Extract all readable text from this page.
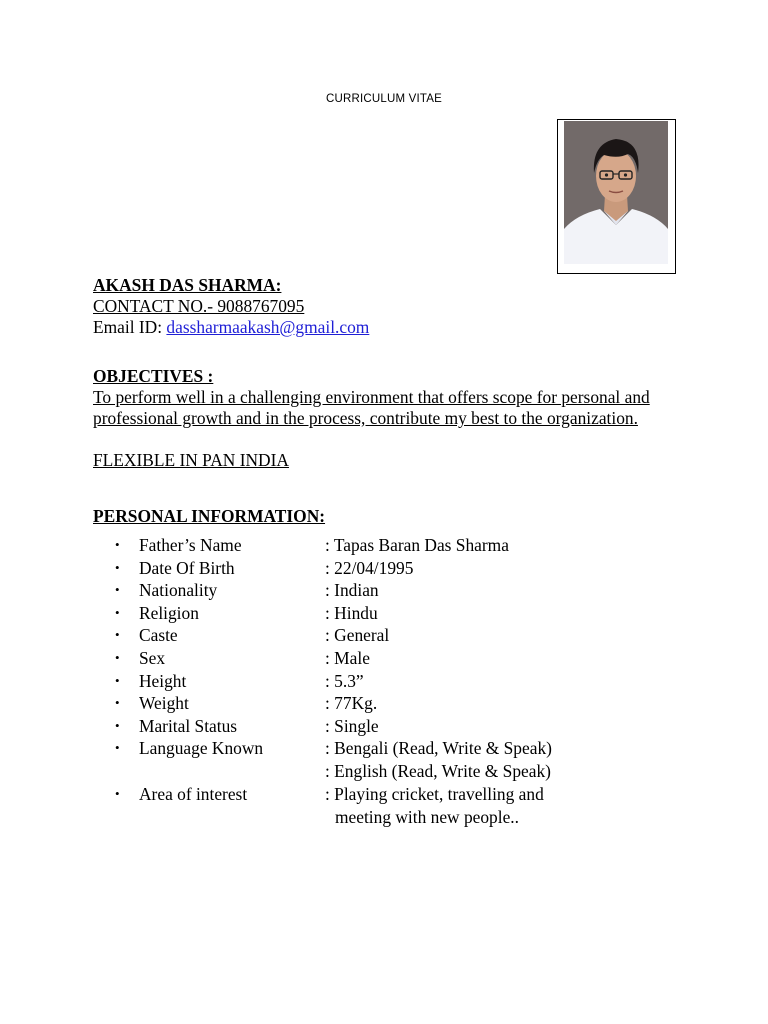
CURRICULUM VITAE
AKASH DAS SHARMA:
CONTACT NO.- 9088767095
Email ID: dassharmaakash@gmail.com
OBJECTIVES :
To perform well in a challenging environment that offers scope for personal and
professional growth and in the process, contribute my best to the organization.
FLEXIBLE IN PAN INDIA
PERSONAL INFORMATION:
• Father’s Name	: Tapas Baran Das Sharma
• Date Of Birth	: 22/04/1995
• Nationality	: Indian
• Religion	: Hindu
• Caste	: General
• Sex	: Male
• Height	: 5.3”
• Weight	: 77Kg.
• Marital Status	: Single
• Language Known	: Bengali (Read, Write & Speak)
: English (Read, Write & Speak)
• Area of interest	: Playing cricket, travelling and
meeting with new people..
